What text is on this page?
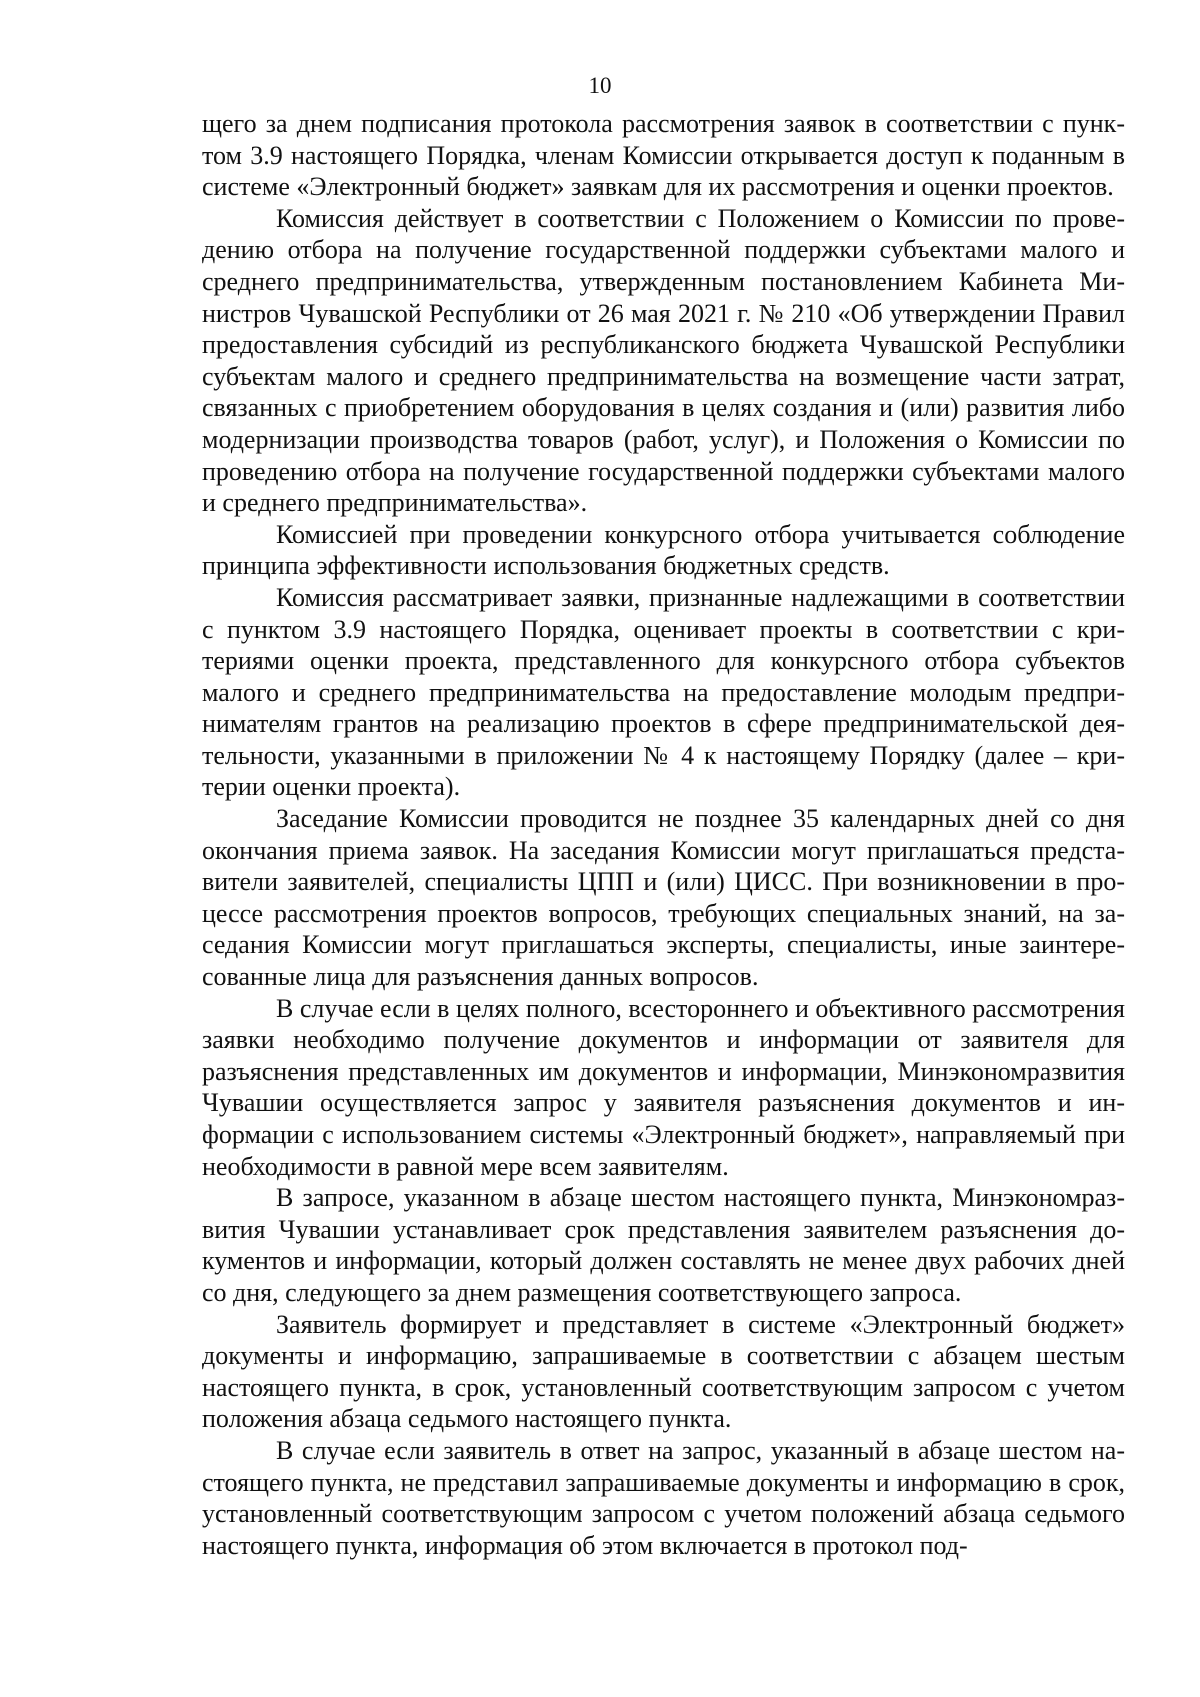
10

щего за днем подписания протокола рассмотрения заявок в соответствии с пунктом 3.9 настоящего Порядка, членам Комиссии открывается доступ к поданным в системе «Электронный бюджет» заявкам для их рассмотрения и оценки проектов.

Комиссия действует в соответствии с Положением о Комиссии по проведению отбора на получение государственной поддержки субъектами малого и среднего предпринимательства, утвержденным постановлением Кабинета Министров Чувашской Республики от 26 мая 2021 г. № 210 «Об утверждении Правил предоставления субсидий из республиканского бюджета Чувашской Республики субъектам малого и среднего предпринимательства на возмещение части затрат, связанных с приобретением оборудования в целях создания и (или) развития либо модернизации производства товаров (работ, услуг), и Положения о Комиссии по проведению отбора на получение государственной поддержки субъектами малого и среднего предпринимательства».

Комиссией при проведении конкурсного отбора учитывается соблюдение принципа эффективности использования бюджетных средств.

Комиссия рассматривает заявки, признанные надлежащими в соответствии с пунктом 3.9 настоящего Порядка, оценивает проекты в соответствии с критериями оценки проекта, представленного для конкурсного отбора субъектов малого и среднего предпринимательства на предоставление молодым предпринимателям грантов на реализацию проектов в сфере предпринимательской деятельности, указанными в приложении № 4 к настоящему Порядку (далее – критерии оценки проекта).

Заседание Комиссии проводится не позднее 35 календарных дней со дня окончания приема заявок. На заседания Комиссии могут приглашаться представители заявителей, специалисты ЦПП и (или) ЦИСС. При возникновении в процессе рассмотрения проектов вопросов, требующих специальных знаний, на заседания Комиссии могут приглашаться эксперты, специалисты, иные заинтересованные лица для разъяснения данных вопросов.

В случае если в целях полного, всестороннего и объективного рассмотрения заявки необходимо получение документов и информации от заявителя для разъяснения представленных им документов и информации, Минэкономразвития Чувашии осуществляется запрос у заявителя разъяснения документов и информации с использованием системы «Электронный бюджет», направляемый при необходимости в равной мере всем заявителям.

В запросе, указанном в абзаце шестом настоящего пункта, Минэкономразвития Чувашии устанавливает срок представления заявителем разъяснения документов и информации, который должен составлять не менее двух рабочих дней со дня, следующего за днем размещения соответствующего запроса.

Заявитель формирует и представляет в системе «Электронный бюджет» документы и информацию, запрашиваемые в соответствии с абзацем шестым настоящего пункта, в срок, установленный соответствующим запросом с учетом положения абзаца седьмого настоящего пункта.

В случае если заявитель в ответ на запрос, указанный в абзаце шестом настоящего пункта, не представил запрашиваемые документы и информацию в срок, установленный соответствующим запросом с учетом положений абзаца седьмого настоящего пункта, информация об этом включается в протокол под-
